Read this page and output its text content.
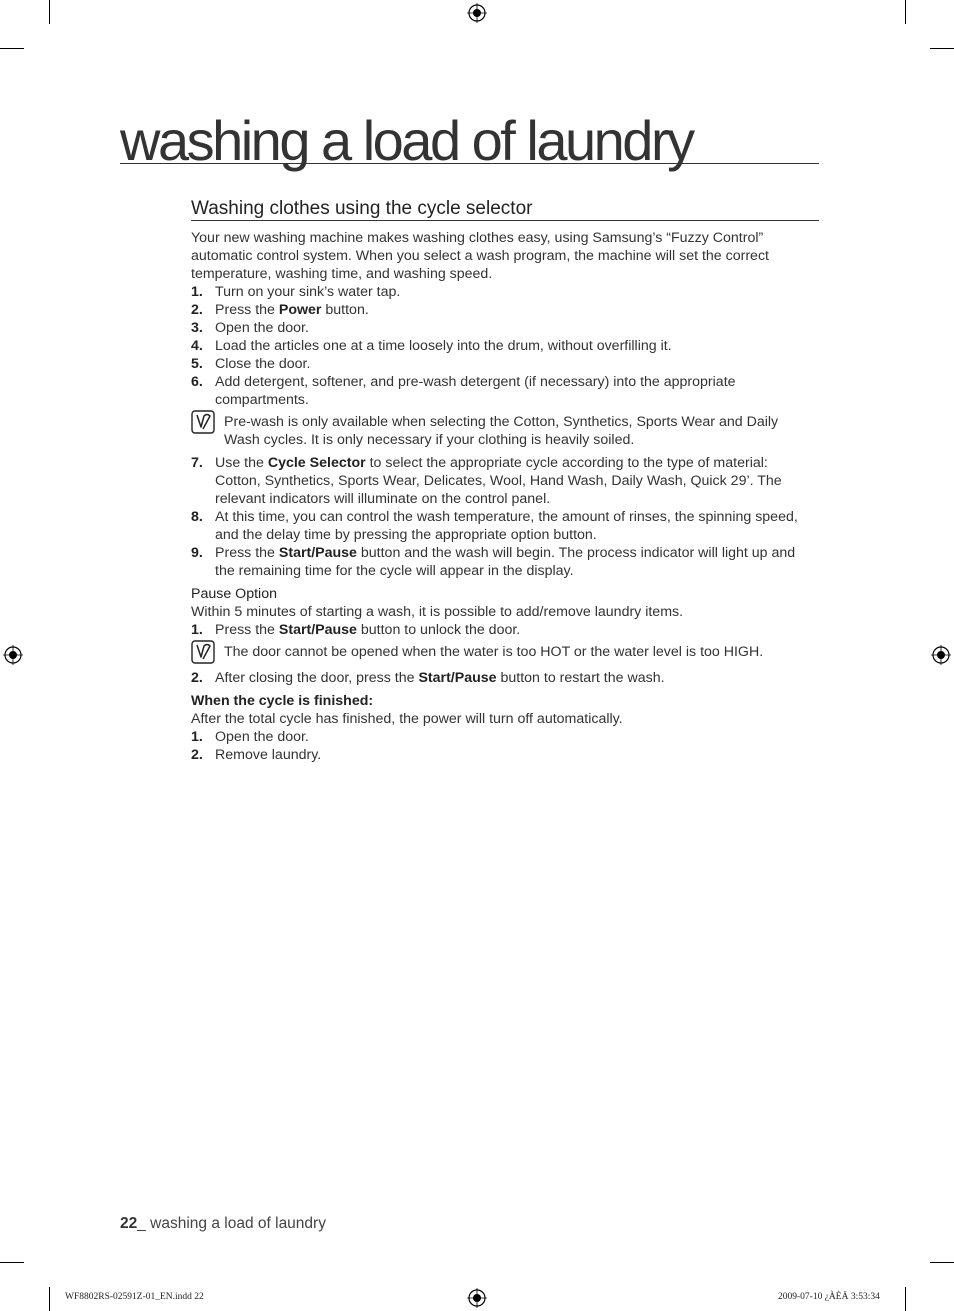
washing a load of laundry
Washing clothes using the cycle selector

Your new washing machine makes washing clothes easy, using Samsung’s “Fuzzy Control” automatic control system. When you select a wash program, the machine will set the correct temperature, washing time, and washing speed.

1. Turn on your sink’s water tap.
2. Press the Power button.
3. Open the door.
4. Load the articles one at a time loosely into the drum, without overfilling it.
5. Close the door.
6. Add detergent, softener, and pre-wash detergent (if necessary) into the appropriate compartments.
Pre-wash is only available when selecting the Cotton, Synthetics, Sports Wear and Daily Wash cycles. It is only necessary if your clothing is heavily soiled.
7. Use the Cycle Selector to select the appropriate cycle according to the type of material: Cotton, Synthetics, Sports Wear, Delicates, Wool, Hand Wash, Daily Wash, Quick 29’. The relevant indicators will illuminate on the control panel.
8. At this time, you can control the wash temperature, the amount of rinses, the spinning speed, and the delay time by pressing the appropriate option button.
9. Press the Start/Pause button and the wash will begin. The process indicator will light up and the remaining time for the cycle will appear in the display.

Pause Option

Within 5 minutes of starting a wash, it is possible to add/remove laundry items.

1. Press the Start/Pause button to unlock the door.
The door cannot be opened when the water is too HOT or the water level is too HIGH.
2. After closing the door, press the Start/Pause button to restart the wash.

When the cycle is finished:

After the total cycle has finished, the power will turn off automatically.

1. Open the door.
2. Remove laundry.
22_ washing a load of laundry
WF8802RS-02591Z-01_EN.indd 22	2009-07-10 ¿ÀÈÄ 3:53:34
